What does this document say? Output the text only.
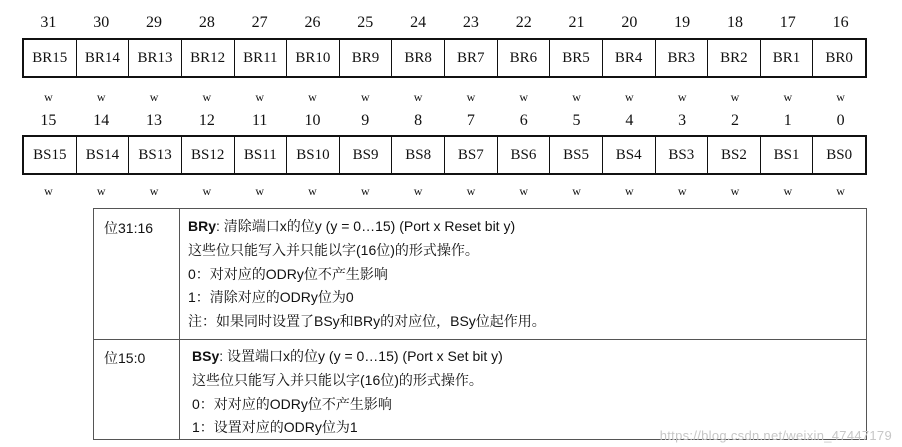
31	30	29	28	27	26	25	24	23	22	21	20	19	18	17	16
BR15	BR14	BR13	BR12	BR11	BR10	BR9	BR8	BR7	BR6	BR5	BR4	BR3	BR2	BR1	BR0
w	w	w	w	w	w	w	w	w	w	w	w	w	w	w	w
15	14	13	12	11	10	9	8	7	6	5	4	3	2	1	0
BS15	BS14	BS13	BS12	BS11	BS10	BS9	BS8	BS7	BS6	BS5	BS4	BS3	BS2	BS1	BS0
w	w	w	w	w	w	w	w	w	w	w	w	w	w	w	w
位31:16 BRy: 清除端口x的位y (y = 0…15) (Port x Reset bit y)
这些位只能写入并只能以字(16位)的形式操作。
0：对对应的ODRy位不产生影响
1：清除对应的ODRy位为0
注：如果同时设置了BSy和BRy的对应位，BSy位起作用。
位15:0	BSy: 设置端口x的位y (y = 0…15) (Port x Set bit y)
这些位只能写入并只能以字(16位)的形式操作。
0：对对应的ODRy位不产生影响
1：设置对应的ODRy位为1
https://blog.csdn.net/weixin_47447179
